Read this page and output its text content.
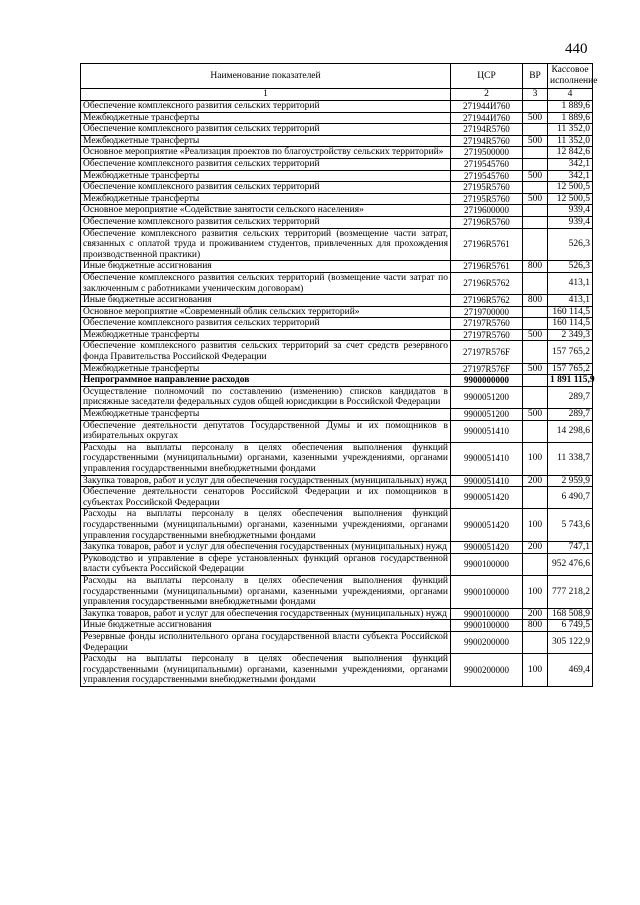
440
Наименование показателей	ЦСР	ВР	Кассовое исполнение
1	2	3	4
Обеспечение комплексного развития сельских территорий	271944И760		1 889,6
Межбюджетные трансферты	271944И760	500	1 889,6
Обеспечение комплексного развития сельских территорий	27194R5760		11 352,0
Межбюджетные трансферты	27194R5760	500	11 352,0
Основное мероприятие «Реализация проектов по благоустройству сельских территорий»	2719500000		12 842,6
Обеспечение комплексного развития сельских территорий	2719545760		342,1
Межбюджетные трансферты	2719545760	500	342,1
Обеспечение комплексного развития сельских территорий	27195R5760		12 500,5
Межбюджетные трансферты	27195R5760	500	12 500,5
Основное мероприятие «Содействие занятости сельского населения»	2719600000		939,4
Обеспечение комплексного развития сельских территорий	27196R5760		939,4
Обеспечение комплексного развития сельских территорий (возмещение части затрат, связанных с оплатой труда и проживанием студентов, привлеченных для прохождения производственной практики)	27196R5761		526,3
Иные бюджетные ассигнования	27196R5761	800	526,3
Обеспечение комплексного развития сельских территорий (возмещение части затрат по заключенным с работниками ученическим договорам)	27196R5762		413,1
Иные бюджетные ассигнования	27196R5762	800	413,1
Основное мероприятие «Современный облик сельских территорий»	2719700000		160 114,5
Обеспечение комплексного развития сельских территорий	27197R5760		160 114,5
Межбюджетные трансферты	27197R5760	500	2 349,3
Обеспечение комплексного развития сельских территорий за счет средств резервного фонда Правительства Российской Федерации	27197R576F		157 765,2
Межбюджетные трансферты	27197R576F	500	157 765,2
Непрограммное направление расходов	9900000000		1 891 115,9
Осуществление полномочий по составлению (изменению) списков кандидатов в присяжные заседатели федеральных судов общей юрисдикции в Российской Федерации	9900051200		289,7
Межбюджетные трансферты	9900051200	500	289,7
Обеспечение деятельности депутатов Государственной Думы и их помощников в избирательных округах	9900051410		14 298,6
Расходы на выплаты персоналу в целях обеспечения выполнения функций государственными (муниципальными) органами, казенными учреждениями, органами управления государственными внебюджетными фондами	9900051410	100	11 338,7
Закупка товаров, работ и услуг для обеспечения государственных (муниципальных) нужд	9900051410	200	2 959,9
Обеспечение деятельности сенаторов Российской Федерации и их помощников в субъектах Российской Федерации	9900051420		6 490,7
Расходы на выплаты персоналу в целях обеспечения выполнения функций государственными (муниципальными) органами, казенными учреждениями, органами управления государственными внебюджетными фондами	9900051420	100	5 743,6
Закупка товаров, работ и услуг для обеспечения государственных (муниципальных) нужд	9900051420	200	747,1
Руководство и управление в сфере установленных функций органов государственной власти субъекта Российской Федерации	9900100000		952 476,6
Расходы на выплаты персоналу в целях обеспечения выполнения функций государственными (муниципальными) органами, казенными учреждениями, органами управления государственными внебюджетными фондами	9900100000	100	777 218,2
Закупка товаров, работ и услуг для обеспечения государственных (муниципальных) нужд	9900100000	200	168 508,9
Иные бюджетные ассигнования	9900100000	800	6 749,5
Резервные фонды исполнительного органа государственной власти субъекта Российской Федерации	9900200000		305 122,9
Расходы на выплаты персоналу в целях обеспечения выполнения функций государственными (муниципальными) органами, казенными учреждениями, органами управления государственными внебюджетными фондами	9900200000	100	469,4
